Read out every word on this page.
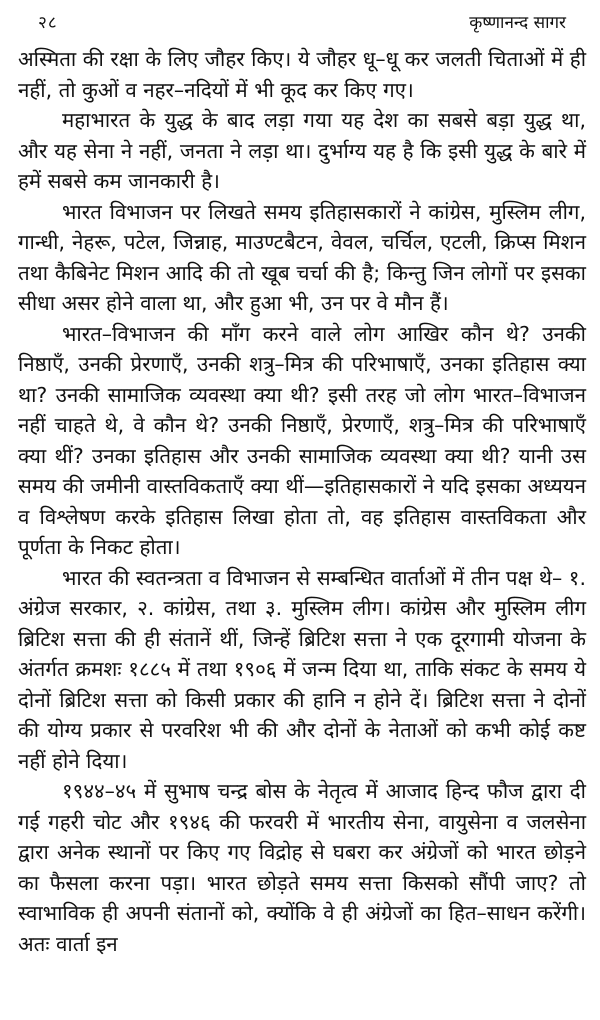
२८	कृष्णानन्द सागर

अस्मिता की रक्षा के लिए जौहर किए। ये जौहर धू–धू कर जलती चिताओं में ही नहीं, तो कुओं व नहर–नदियों में भी कूद कर किए गए।

महाभारत के युद्ध के बाद लड़ा गया यह देश का सबसे बड़ा युद्ध था, और यह सेना ने नहीं, जनता ने लड़ा था। दुर्भाग्य यह है कि इसी युद्ध के बारे में हमें सबसे कम जानकारी है।

भारत विभाजन पर लिखते समय इतिहासकारों ने कांग्रेस, मुस्लिम लीग, गान्धी, नेहरू, पटेल, जिन्नाह, माउण्टबैटन, वेवल, चर्चिल, एटली, क्रिप्स मिशन तथा कैबिनेट मिशन आदि की तो खूब चर्चा की है; किन्तु जिन लोगों पर इसका सीधा असर होने वाला था, और हुआ भी, उन पर वे मौन हैं।

भारत–विभाजन की माँग करने वाले लोग आखिर कौन थे? उनकी निष्ठाएँ, उनकी प्रेरणाएँ, उनकी शत्रु–मित्र की परिभाषाएँ, उनका इतिहास क्या था? उनकी सामाजिक व्यवस्था क्या थी? इसी तरह जो लोग भारत–विभाजन नहीं चाहते थे, वे कौन थे? उनकी निष्ठाएँ, प्रेरणाएँ, शत्रु–मित्र की परिभाषाएँ क्या थीं? उनका इतिहास और उनकी सामाजिक व्यवस्था क्या थी? यानी उस समय की जमीनी वास्तविकताएँ क्या थीं—इतिहासकारों ने यदि इसका अध्ययन व विश्लेषण करके इतिहास लिखा होता तो, वह इतिहास वास्तविकता और पूर्णता के निकट होता।

भारत की स्वतन्त्रता व विभाजन से सम्बन्धित वार्ताओं में तीन पक्ष थे– १. अंग्रेज सरकार, २. कांग्रेस, तथा ३. मुस्लिम लीग। कांग्रेस और मुस्लिम लीग ब्रिटिश सत्ता की ही संतानें थीं, जिन्हें ब्रिटिश सत्ता ने एक दूरगामी योजना के अंतर्गत क्रमशः १८८५ में तथा १९०६ में जन्म दिया था, ताकि संकट के समय ये दोनों ब्रिटिश सत्ता को किसी प्रकार की हानि न होने दें। ब्रिटिश सत्ता ने दोनों की योग्य प्रकार से परवरिश भी की और दोनों के नेताओं को कभी कोई कष्ट नहीं होने दिया।

१९४४–४५ में सुभाष चन्द्र बोस के नेतृत्व में आजाद हिन्द फौज द्वारा दी गई गहरी चोट और १९४६ की फरवरी में भारतीय सेना, वायुसेना व जलसेना द्वारा अनेक स्थानों पर किए गए विद्रोह से घबरा कर अंग्रेजों को भारत छोड़ने का फैसला करना पड़ा। भारत छोड़ते समय सत्ता किसको सौंपी जाए? तो स्वाभाविक ही अपनी संतानों को, क्योंकि वे ही अंग्रेजों का हित–साधन करेंगी। अतः वार्ता इन
